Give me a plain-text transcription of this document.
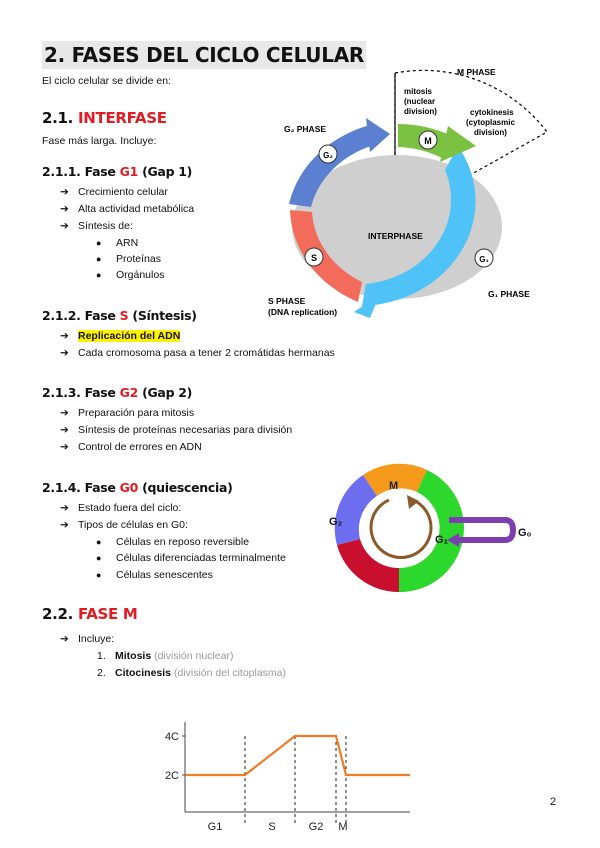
2. FASES DEL CICLO CELULAR
El ciclo celular se divide en:
2.1. INTERFASE
Fase más larga. Incluye:
2.1.1. Fase G1 (Gap 1)
➔ Crecimiento celular
➔ Alta actividad metabólica
➔ Síntesis de:
● ARN
● Proteínas
● Orgánulos
2.1.2. Fase S (Síntesis)
➔ Replicación del ADN
➔ Cada cromosoma pasa a tener 2 cromátidas hermanas
2.1.3. Fase G2 (Gap 2)
➔ Preparación para mitosis
➔ Síntesis de proteínas necesarias para división
➔ Control de errores en ADN
2.1.4. Fase G0 (quiescencia)
➔ Estado fuera del ciclo:
➔ Tipos de células en G0:
● Células en reposo reversible
● Células diferenciadas terminalmente
● Células senescentes
2.2. FASE M
➔ Incluye:
1. Mitosis (división nuclear)
2. Citocinesis (división del citoplasma)
M
G₂
S	G₁
M PHASE
mitosis
(nuclear
division)	cytokinesis
(cytoplasmic
division)
G₂ PHASE
INTERPHASE
S PHASE
(DNA replication)
G₁ PHASE
M
G₂
G₁
S
G₀
2C
4C
G1	S	G2 M
2
